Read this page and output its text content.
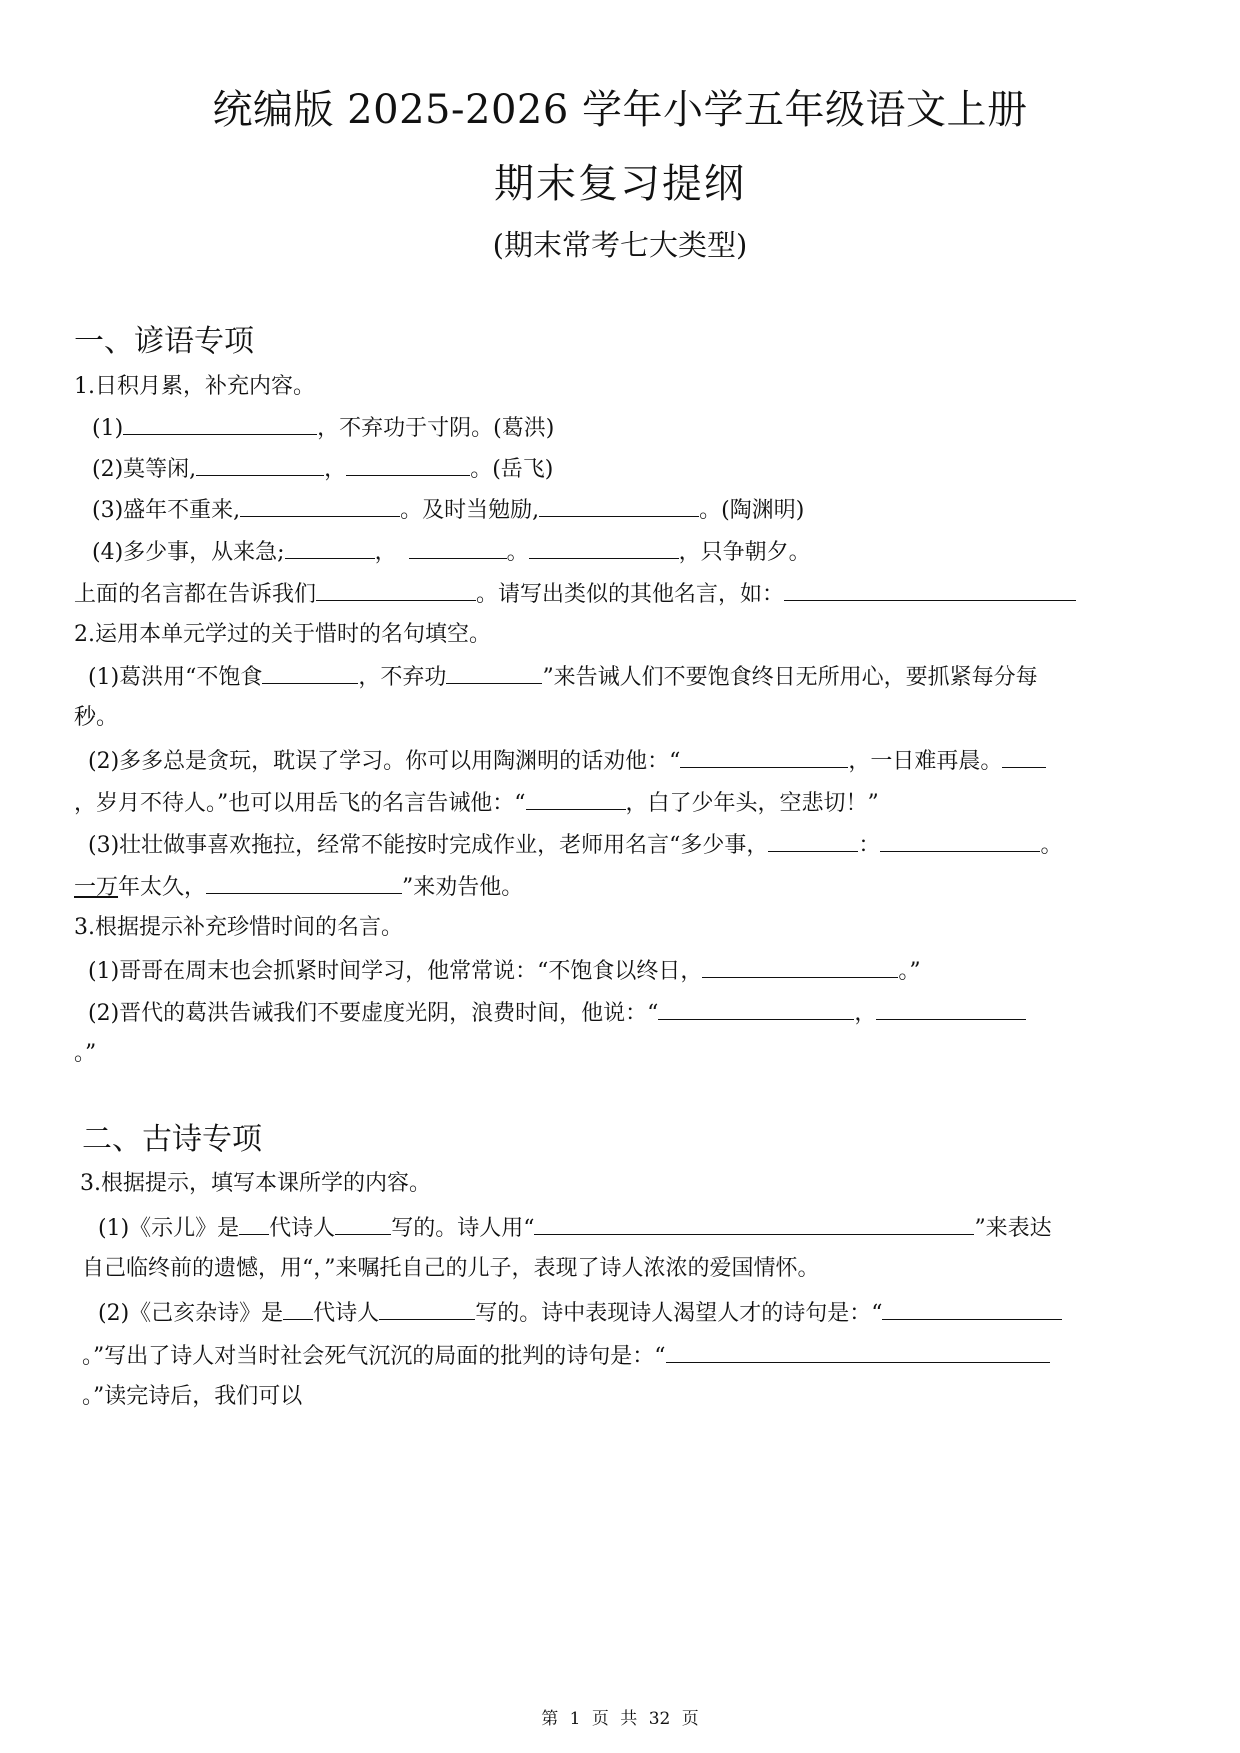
统编版 2025-2026 学年小学五年级语文上册
期末复习提纲
(期末常考七大类型)
一、谚语专项
1.日积月累，补充内容。
(1)	，不弃功于寸阴。(葛洪)
(2)莫等闲,	，	。(岳飞)
(3)盛年不重来,	。及时当勉励,	。(陶渊明)
(4)多少事，从来急;	，	。	，只争朝夕。
上面的名言都在告诉我们	。请写出类似的其他名言，如：
2.运用本单元学过的关于惜时的名句填空。
(1)葛洪用“不饱食	，不弃功	”来告诫人们不要饱食终日无所用心，要抓紧每分每
秒。
(2)多多总是贪玩，耽误了学习。你可以用陶渊明的话劝他：“	，一日难再晨。
，岁月不待人。”也可以用岳飞的名言告诫他：“	，白了少年头，空悲切！”
(3)壮壮做事喜欢拖拉，经常不能按时完成作业，老师用名言“多少事，	：	。
一万年太久，	”来劝告他。
3.根据提示补充珍惜时间的名言。
(1)哥哥在周末也会抓紧时间学习，他常常说：“不饱食以终日，	。”
(2)晋代的葛洪告诫我们不要虚度光阴，浪费时间，他说：“	，
。”
二、古诗专项
3.根据提示，填写本课所学的内容。
(1)《示儿》是 代诗人	写的。诗人用“	”来表达
自己临终前的遗憾，用“，”来嘱托自己的儿子，表现了诗人浓浓的爱国情怀。
(2)《己亥杂诗》是 代诗人	写的。诗中表现诗人渴望人才的诗句是：“
。”写出了诗人对当时社会死气沉沉的局面的批判的诗句是：“
。”读完诗后，我们可以
第 1 页 共 32 页
